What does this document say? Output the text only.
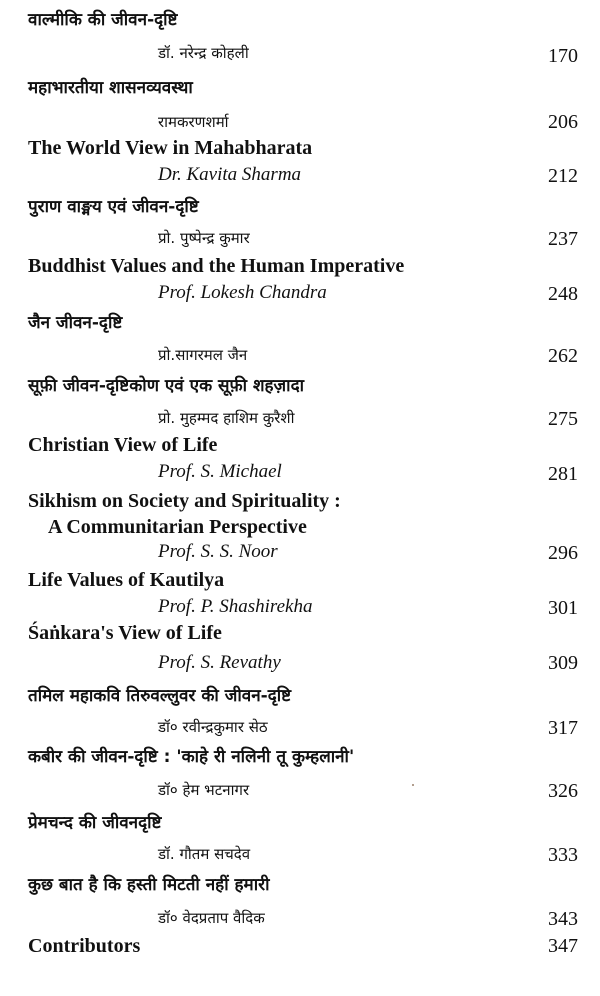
वाल्मीकि की जीवन-दृष्टि
डॉ. नरेन्द्र कोहली	170
महाभारतीया शासनव्यवस्था
रामकरणशर्मा	206
The World View in Mahabharata
Dr. Kavita Sharma	212
पुराण वाङ्मय एवं जीवन-दृष्टि
प्रो. पुष्पेन्द्र कुमार	237
Buddhist Values and the Human Imperative
Prof. Lokesh Chandra	248
जैन जीवन-दृष्टि
प्रो.सागरमल जैन	262
सूफ़ी जीवन-दृष्टिकोण एवं एक सूफ़ी शहज़ादा
प्रो. मुहम्मद हाशिम कुरैशी	275
Christian View of Life
Prof. S. Michael	281
Sikhism on Society and Spirituality :
A Communitarian Perspective
Prof. S. S. Noor	296
Life Values of Kautilya
Prof. P. Shashirekha	301
Śaṅkara's View of Life
Prof. S. Revathy	309
तमिल महाकवि तिरुवल्लुवर की जीवन-दृष्टि
डॉ० रवीन्द्रकुमार सेठ	317
कबीर की जीवन-दृष्टि : 'काहे री नलिनी तू कुम्हलानी'
डॉ० हेम भटनागर	326
प्रेमचन्द की जीवनदृष्टि
डॉ. गौतम सचदेव	333
कुछ बात है कि हस्ती मिटती नहीं हमारी
डॉ० वेदप्रताप वैदिक	343
Contributors	347
